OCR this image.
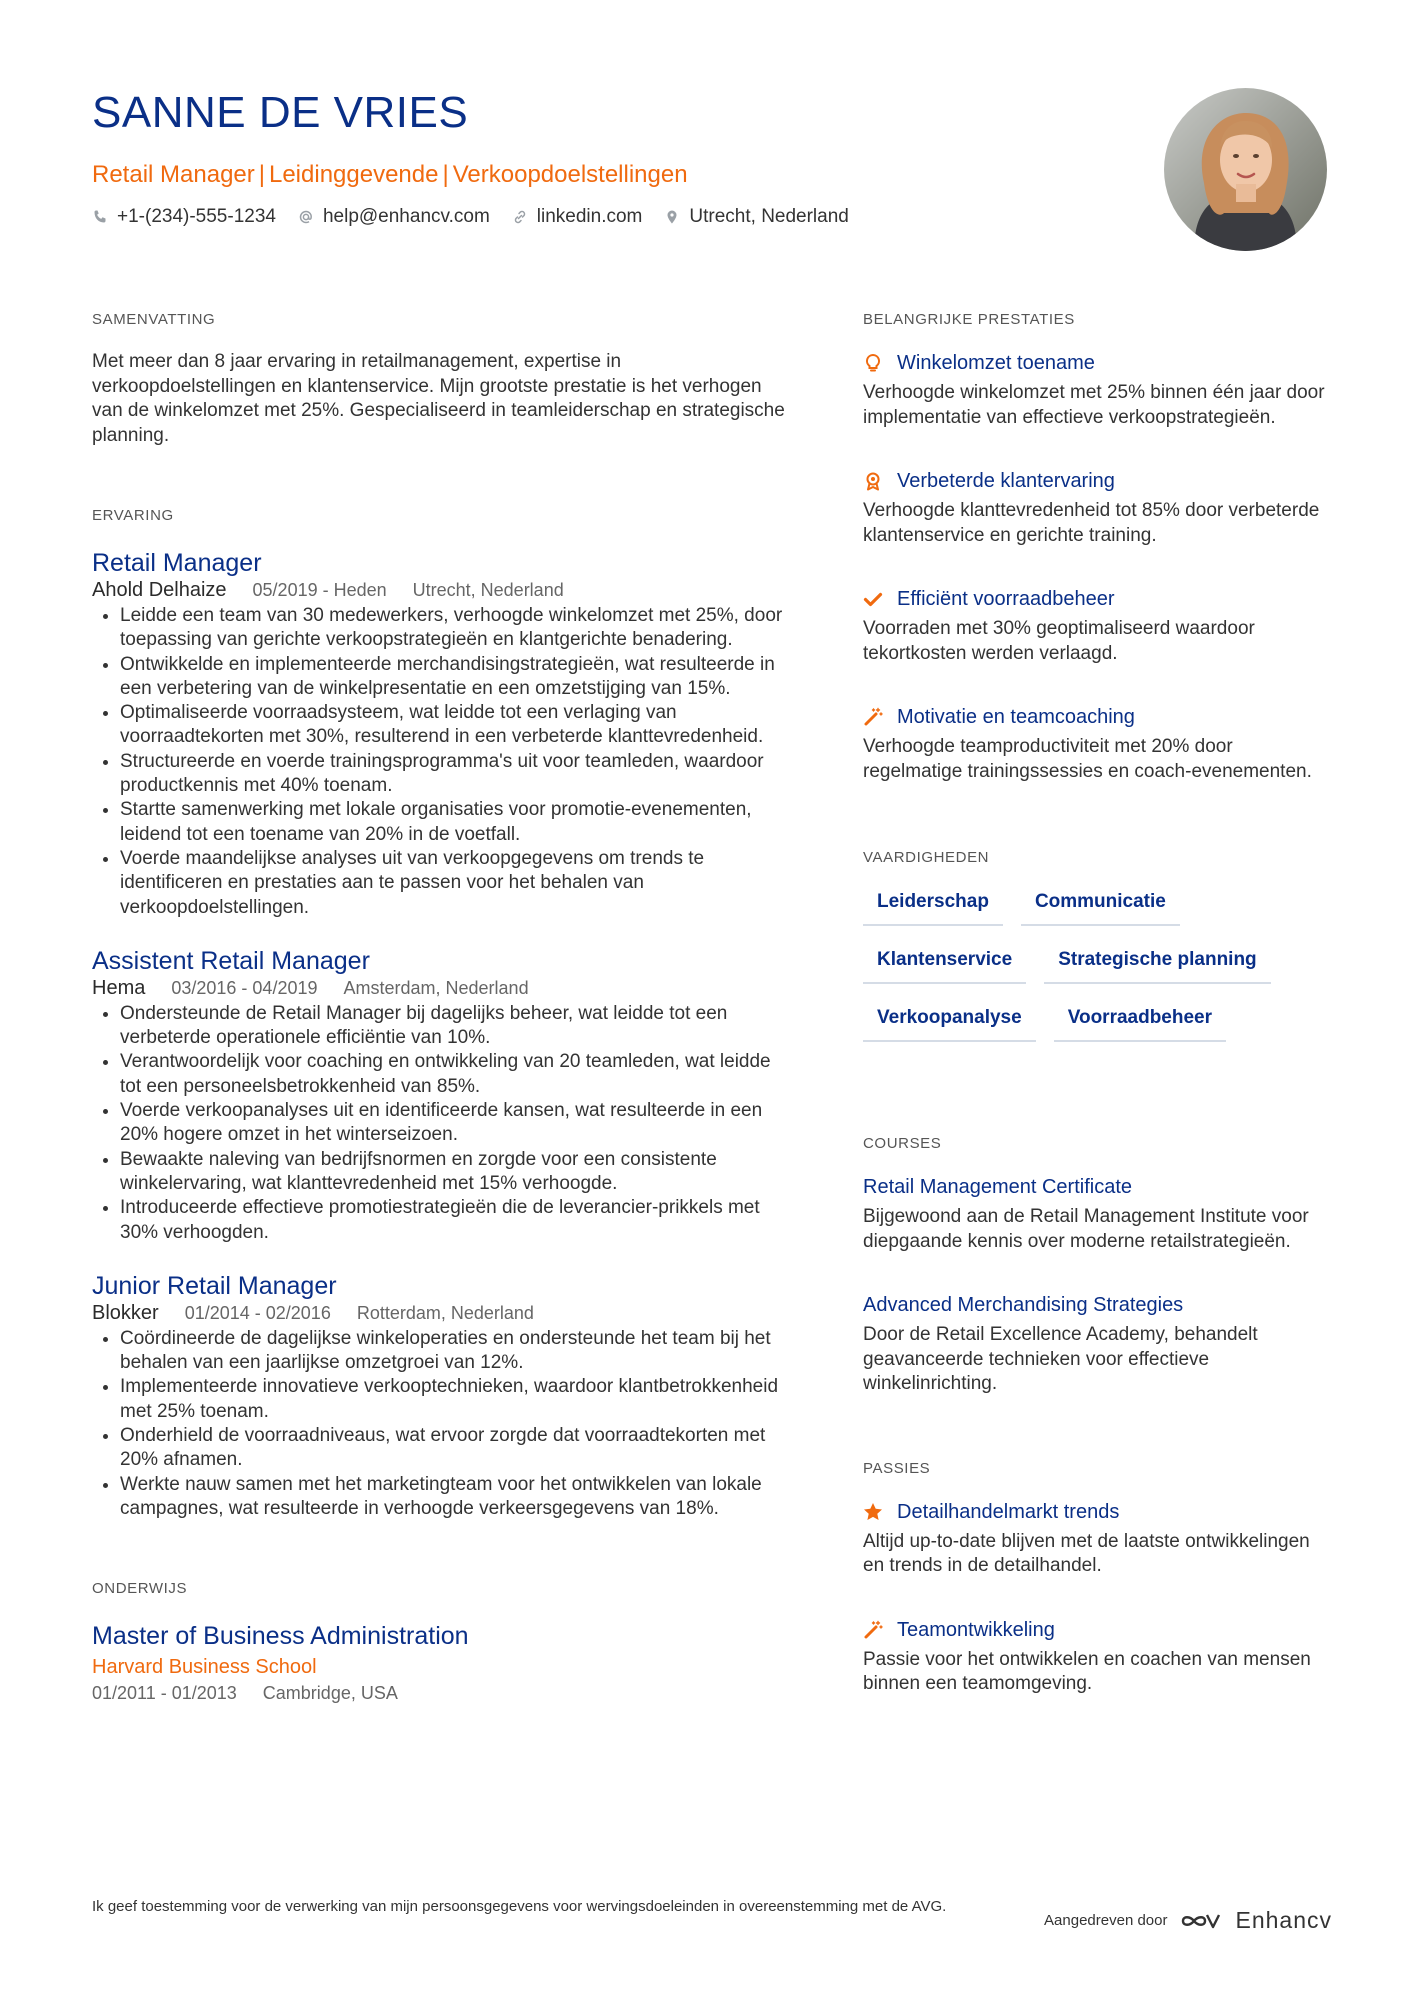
SANNE DE VRIES
Retail Manager | Leidinggevende | Verkoopdoelstellingen
+1-(234)-555-1234 help@enhancv.com linkedin.com Utrecht, Nederland
SAMENVATTING

Met meer dan 8 jaar ervaring in retailmanagement, expertise in verkoopdoelstellingen en klantenservice. Mijn grootste prestatie is het verhogen van de winkelomzet met 25%. Gespecialiseerd in teamleiderschap en strategische planning.

ERVARING
Retail Manager
Ahold Delhaize 05/2019 - Heden Utrecht, Nederland
• Leidde een team van 30 medewerkers, verhoogde winkelomzet met 25%, door toepassing van gerichte verkoopstrategieën en klantgerichte benadering.
• Ontwikkelde en implementeerde merchandisingstrategieën, wat resulteerde in een verbetering van de winkelpresentatie en een omzetstijging van 15%.
• Optimaliseerde voorraadsysteem, wat leidde tot een verlaging van voorraadtekorten met 30%, resulterend in een verbeterde klanttevredenheid.
• Structureerde en voerde trainingsprogramma's uit voor teamleden, waardoor productkennis met 40% toenam.
• Startte samenwerking met lokale organisaties voor promotie-evenementen, leidend tot een toename van 20% in de voetfall.
• Voerde maandelijkse analyses uit van verkoopgegevens om trends te identificeren en prestaties aan te passen voor het behalen van verkoopdoelstellingen.
Assistent Retail Manager
Hema 03/2016 - 04/2019 Amsterdam, Nederland
• Ondersteunde de Retail Manager bij dagelijks beheer, wat leidde tot een verbeterde operationele efficiëntie van 10%.
• Verantwoordelijk voor coaching en ontwikkeling van 20 teamleden, wat leidde tot een personeelsbetrokkenheid van 85%.
• Voerde verkoopanalyses uit en identificeerde kansen, wat resulteerde in een 20% hogere omzet in het winterseizoen.
• Bewaakte naleving van bedrijfsnormen en zorgde voor een consistente winkelervaring, wat klanttevredenheid met 15% verhoogde.
• Introduceerde effectieve promotiestrategieën die de leverancier-prikkels met 30% verhoogden.
Junior Retail Manager
Blokker 01/2014 - 02/2016 Rotterdam, Nederland
• Coördineerde de dagelijkse winkeloperaties en ondersteunde het team bij het behalen van een jaarlijkse omzetgroei van 12%.
• Implementeerde innovatieve verkooptechnieken, waardoor klantbetrokkenheid met 25% toenam.
• Onderhield de voorraadniveaus, wat ervoor zorgde dat voorraadtekorten met 20% afnamen.
• Werkte nauw samen met het marketingteam voor het ontwikkelen van lokale campagnes, wat resulteerde in verhoogde verkeersgegevens van 18%.
ONDERWIJS
Master of Business Administration
Harvard Business School
01/2011 - 01/2013 Cambridge, USA
BELANGRIJKE PRESTATIES
Winkelomzet toename
Verhoogde winkelomzet met 25% binnen één jaar door implementatie van effectieve verkoopstrategieën.
Verbeterde klantervaring
Verhoogde klanttevredenheid tot 85% door verbeterde klantenservice en gerichte training.
Efficiënt voorraadbeheer
Voorraden met 30% geoptimaliseerd waardoor tekortkosten werden verlaagd.
Motivatie en teamcoaching
Verhoogde teamproductiviteit met 20% door regelmatige trainingssessies en coach-evenementen.
VAARDIGHEDEN
Leiderschap	Communicatie
Klantenservice	Strategische planning
Verkoopanalyse	Voorraadbeheer
COURSES
Retail Management Certificate
Bijgewoond aan de Retail Management Institute voor diepgaande kennis over moderne retailstrategieën.
Advanced Merchandising Strategies
Door de Retail Excellence Academy, behandelt geavanceerde technieken voor effectieve winkelinrichting.
PASSIES
Detailhandelmarkt trends
Altijd up-to-date blijven met de laatste ontwikkelingen en trends in de detailhandel.
Teamontwikkeling
Passie voor het ontwikkelen en coachen van mensen binnen een teamomgeving.
Ik geef toestemming voor de verwerking van mijn persoonsgegevens voor wervingsdoeleinden in overeenstemming met de AVG.
Aangedreven door	Enhancv
